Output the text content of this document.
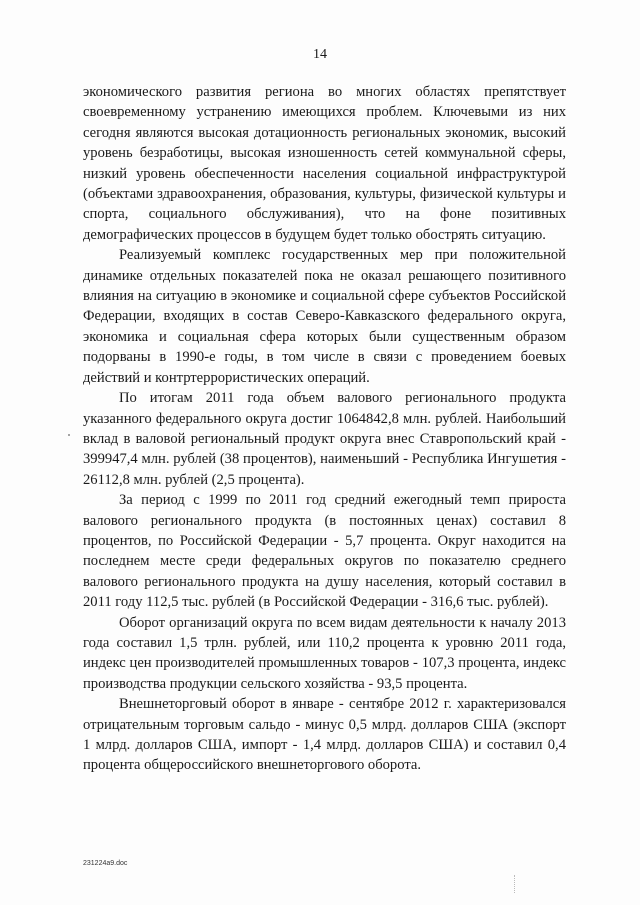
14

экономического развития региона во многих областях препятствует своевременному устранению имеющихся проблем. Ключевыми из них сегодня являются высокая дотационность региональных экономик, высокий уровень безработицы, высокая изношенность сетей коммунальной сферы, низкий уровень обеспеченности населения социальной инфраструктурой (объектами здравоохранения, образования, культуры, физической культуры и спорта, социального обслуживания), что на фоне позитивных демографических процессов в будущем будет только обострять ситуацию.

Реализуемый комплекс государственных мер при положительной динамике отдельных показателей пока не оказал решающего позитивного влияния на ситуацию в экономике и социальной сфере субъектов Российской Федерации, входящих в состав Северо-Кавказского федерального округа, экономика и социальная сфера которых были существенным образом подорваны в 1990-е годы, в том числе в связи с проведением боевых действий и контртеррористических операций.

По итогам 2011 года объем валового регионального продукта указанного федерального округа достиг 1064842,8 млн. рублей. Наибольший вклад в валовой региональный продукт округа внес Ставропольский край - 399947,4 млн. рублей (38 процентов), наименьший - Республика Ингушетия - 26112,8 млн. рублей (2,5 процента).

За период с 1999 по 2011 год средний ежегодный темп прироста валового регионального продукта (в постоянных ценах) составил 8 процентов, по Российской Федерации - 5,7 процента. Округ находится на последнем месте среди федеральных округов по показателю среднего валового регионального продукта на душу населения, который составил в 2011 году 112,5 тыс. рублей (в Российской Федерации - 316,6 тыс. рублей).

Оборот организаций округа по всем видам деятельности к началу 2013 года составил 1,5 трлн. рублей, или 110,2 процента к уровню 2011 года, индекс цен производителей промышленных товаров - 107,3 процента, индекс производства продукции сельского хозяйства - 93,5 процента.

Внешнеторговый оборот в январе - сентябре 2012 г. характеризовался отрицательным торговым сальдо - минус 0,5 млрд. долларов США (экспорт 1 млрд. долларов США, импорт - 1,4 млрд. долларов США) и составил 0,4 процента общероссийского внешнеторгового оборота.

231224a9.doc
